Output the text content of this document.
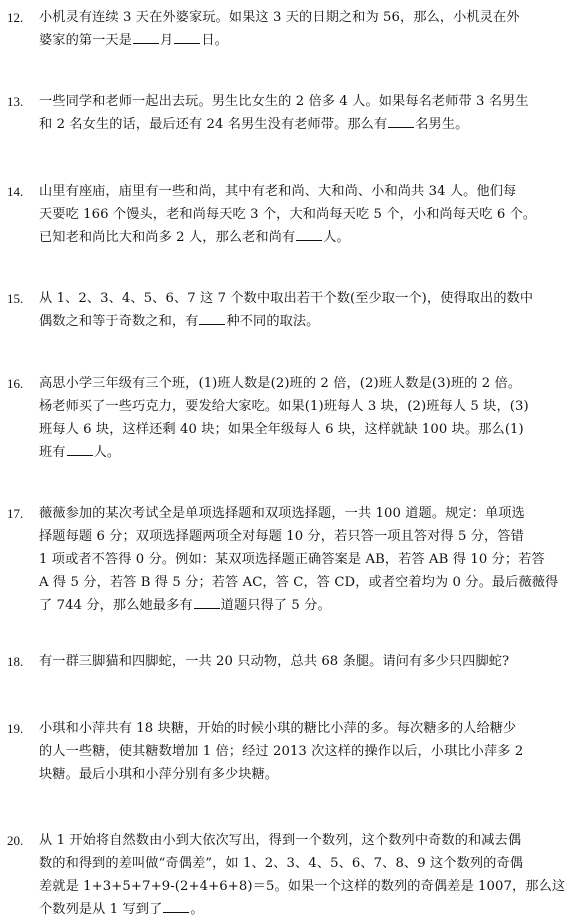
12. 小机灵有连续 3 天在外婆家玩。如果这 3 天的日期之和为 56，那么，小机灵在外
婆家的第一天是 月 日。
13. 一些同学和老师一起出去玩。男生比女生的 2 倍多 4 人。如果每名老师带 3 名男生
和 2 名女生的话，最后还有 24 名男生没有老师带。那么有 名男生。
14. 山里有座庙，庙里有一些和尚，其中有老和尚、大和尚、小和尚共 34 人。他们每
天要吃 166 个馒头，老和尚每天吃 3 个，大和尚每天吃 5 个，小和尚每天吃 6 个。
已知老和尚比大和尚多 2 人，那么老和尚有 人。
15. 从 1、2、3、4、5、6、7 这 7 个数中取出若干个数(至少取一个)，使得取出的数中
偶数之和等于奇数之和，有 种不同的取法。
16. 高思小学三年级有三个班，(1)班人数是(2)班的 2 倍，(2)班人数是(3)班的 2 倍。
杨老师买了一些巧克力，要发给大家吃。如果(1)班每人 3 块，(2)班每人 5 块，(3)
班每人 6 块，这样还剩 40 块；如果全年级每人 6 块，这样就缺 100 块。那么(1)
班有 人。
17. 薇薇参加的某次考试全是单项选择题和双项选择题，一共 100 道题。规定：单项选
择题每题 6 分；双项选择题两项全对每题 10 分，若只答一项且答对得 5 分，答错
1 项或者不答得 0 分。例如：某双项选择题正确答案是 AB，若答 AB 得 10 分；若答
A 得 5 分，若答 B 得 5 分；若答 AC，答 C，答 CD，或者空着均为 0 分。最后薇薇得
了 744 分，那么她最多有 道题只得了 5 分。
18. 有一群三脚猫和四脚蛇，一共 20 只动物，总共 68 条腿。请问有多少只四脚蛇?
19. 小琪和小萍共有 18 块糖，开始的时候小琪的糖比小萍的多。每次糖多的人给糖少
的人一些糖，使其糖数增加 1 倍；经过 2013 次这样的操作以后，小琪比小萍多 2
块糖。最后小琪和小萍分别有多少块糖。
20. 从 1 开始将自然数由小到大依次写出，得到一个数列，这个数列中奇数的和减去偶
数的和得到的差叫做“奇偶差”，如 1、2、3、4、5、6、7、8、9 这个数列的奇偶
差就是 1+3+5+7+9-(2+4+6+8)＝5。如果一个这样的数列的奇偶差是 1007，那么这
个数列是从 1 写到了 。
